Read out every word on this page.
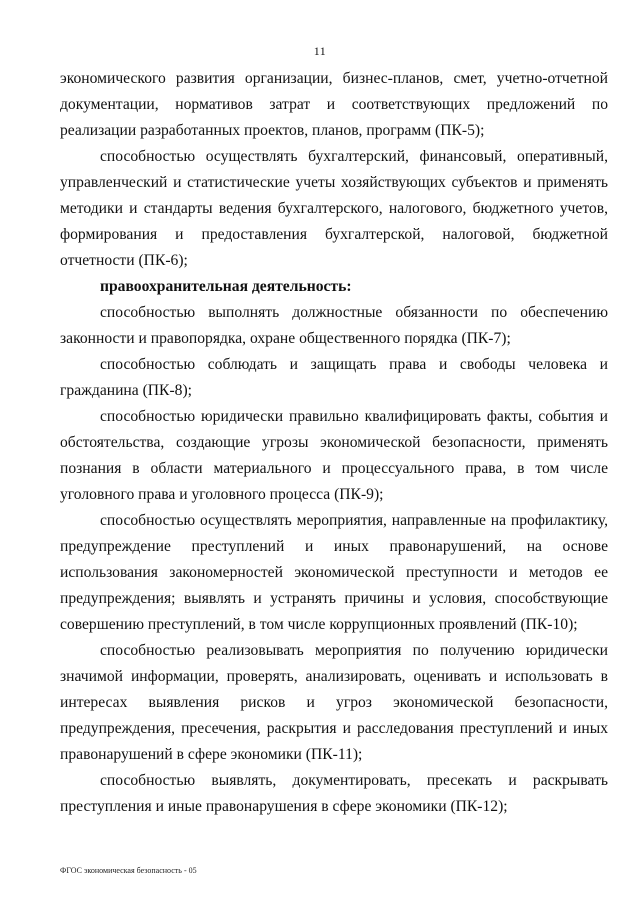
11

экономического развития организации, бизнес-планов, смет, учетно-отчетной документации, нормативов затрат и соответствующих предложений по реализации разработанных проектов, планов, программ (ПК-5);

способностью осуществлять бухгалтерский, финансовый, оперативный, управленческий и статистические учеты хозяйствующих субъектов и применять методики и стандарты ведения бухгалтерского, налогового, бюджетного учетов, формирования и предоставления бухгалтерской, налоговой, бюджетной отчетности (ПК-6);

правоохранительная деятельность:

способностью выполнять должностные обязанности по обеспечению законности и правопорядка, охране общественного порядка (ПК-7);

способностью соблюдать и защищать права и свободы человека и гражданина (ПК-8);

способностью юридически правильно квалифицировать факты, события и обстоятельства, создающие угрозы экономической безопасности, применять познания в области материального и процессуального права, в том числе уголовного права и уголовного процесса (ПК-9);

способностью осуществлять мероприятия, направленные на профилактику, предупреждение преступлений и иных правонарушений, на основе использования закономерностей экономической преступности и методов ее предупреждения; выявлять и устранять причины и условия, способствующие совершению преступлений, в том числе коррупционных проявлений (ПК-10);

способностью реализовывать мероприятия по получению юридически значимой информации, проверять, анализировать, оценивать и использовать в интересах выявления рисков и угроз экономической безопасности, предупреждения, пресечения, раскрытия и расследования преступлений и иных правонарушений в сфере экономики (ПК-11);

способностью выявлять, документировать, пресекать и раскрывать преступления и иные правонарушения в сфере экономики (ПК-12);

ФГОС экономическая безопасность - 05
